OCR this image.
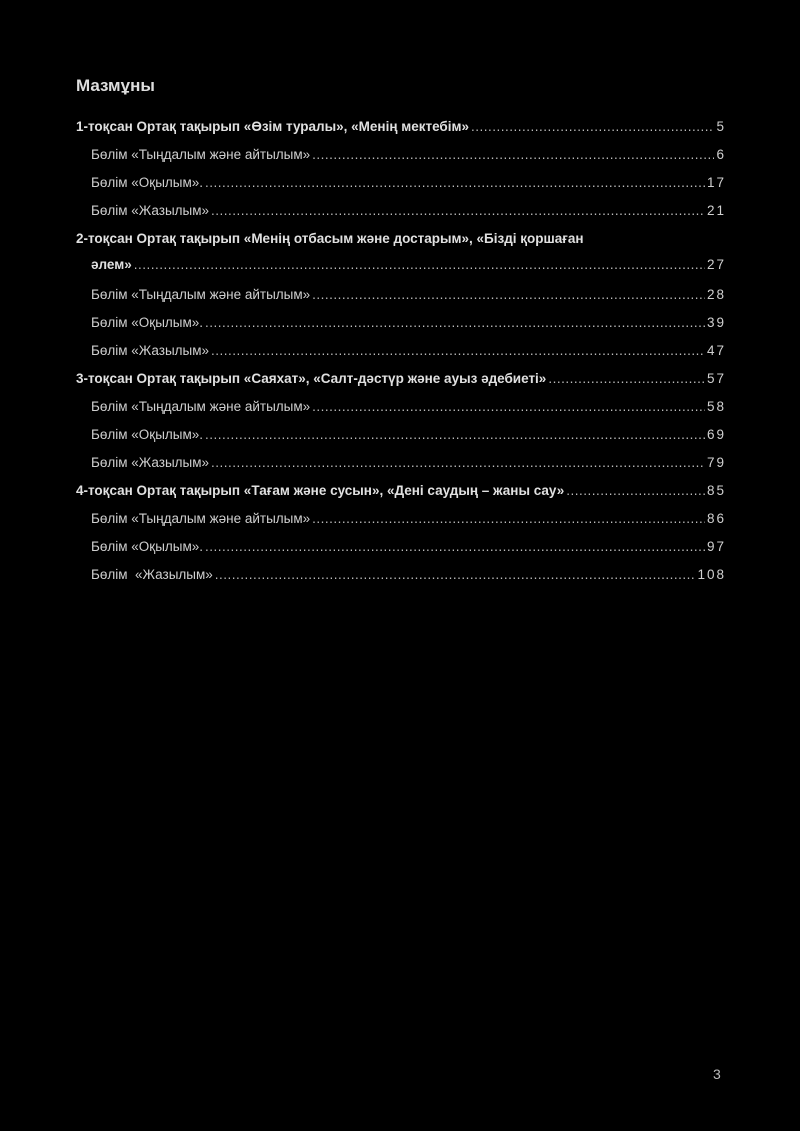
Мазмұны
1-тоқсан Ортақ тақырып «Өзім туралы», «Менің мектебім» .....	5
Бөлім «Тыңдалым және айтылым» .....	6
Бөлім «Оқылым». .....	17
Бөлім «Жазылым» .....	21
2-тоқсан Ортақ тақырып «Менің отбасым және достарым», «Бізді қоршаған
әлем» .....	27
Бөлім «Тыңдалым және айтылым» .....	28
Бөлім «Оқылым». .....	39
Бөлім «Жазылым» .....	47
3-тоқсан Ортақ тақырып «Саяхат», «Салт-дәстүр және ауыз әдебиеті» .....	57
Бөлім «Тыңдалым және айтылым» .....	58
Бөлім «Оқылым». .....	69
Бөлім «Жазылым» .....	79
4-тоқсан Ортақ тақырып «Тағам және сусын», «Дені саудың – жаны сау» .....	85
Бөлім «Тыңдалым және айтылым» .....	86
Бөлім «Оқылым». .....	97
Бөлім  «Жазылым» .....	108
3
